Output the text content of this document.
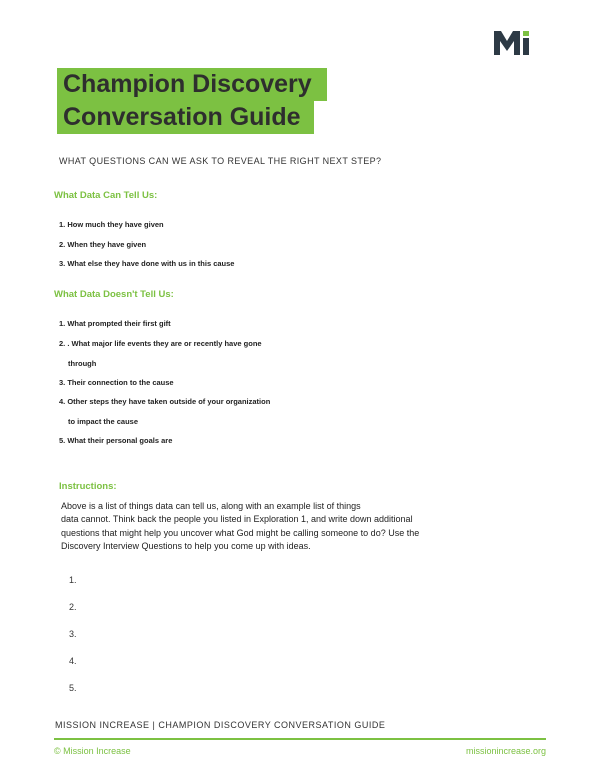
Champion Discovery
Conversation Guide
WHAT QUESTIONS CAN WE ASK TO REVEAL THE RIGHT NEXT STEP?
What Data Can Tell Us:
1. How much they have given
2. When they have given
3. What else they have done with us in this cause
What Data Doesn't Tell Us:
1. What prompted their first gift
2. . What major life events they are or recently have gone
through
3. Their connection to the cause
4. Other steps they have taken outside of your organization
to impact the cause
5. What their personal goals are
Instructions:
Above is a list of things data can tell us, along with an example list of things
data cannot. Think back the people you listed in Exploration 1, and write down additional
questions that might help you uncover what God might be calling someone to do? Use the
Discovery Interview Questions to help you come up with ideas.
1.
2.
3.
4.
5.
MISSION INCREASE | CHAMPION DISCOVERY CONVERSATION GUIDE
© Mission Increase	missionincrease.org
